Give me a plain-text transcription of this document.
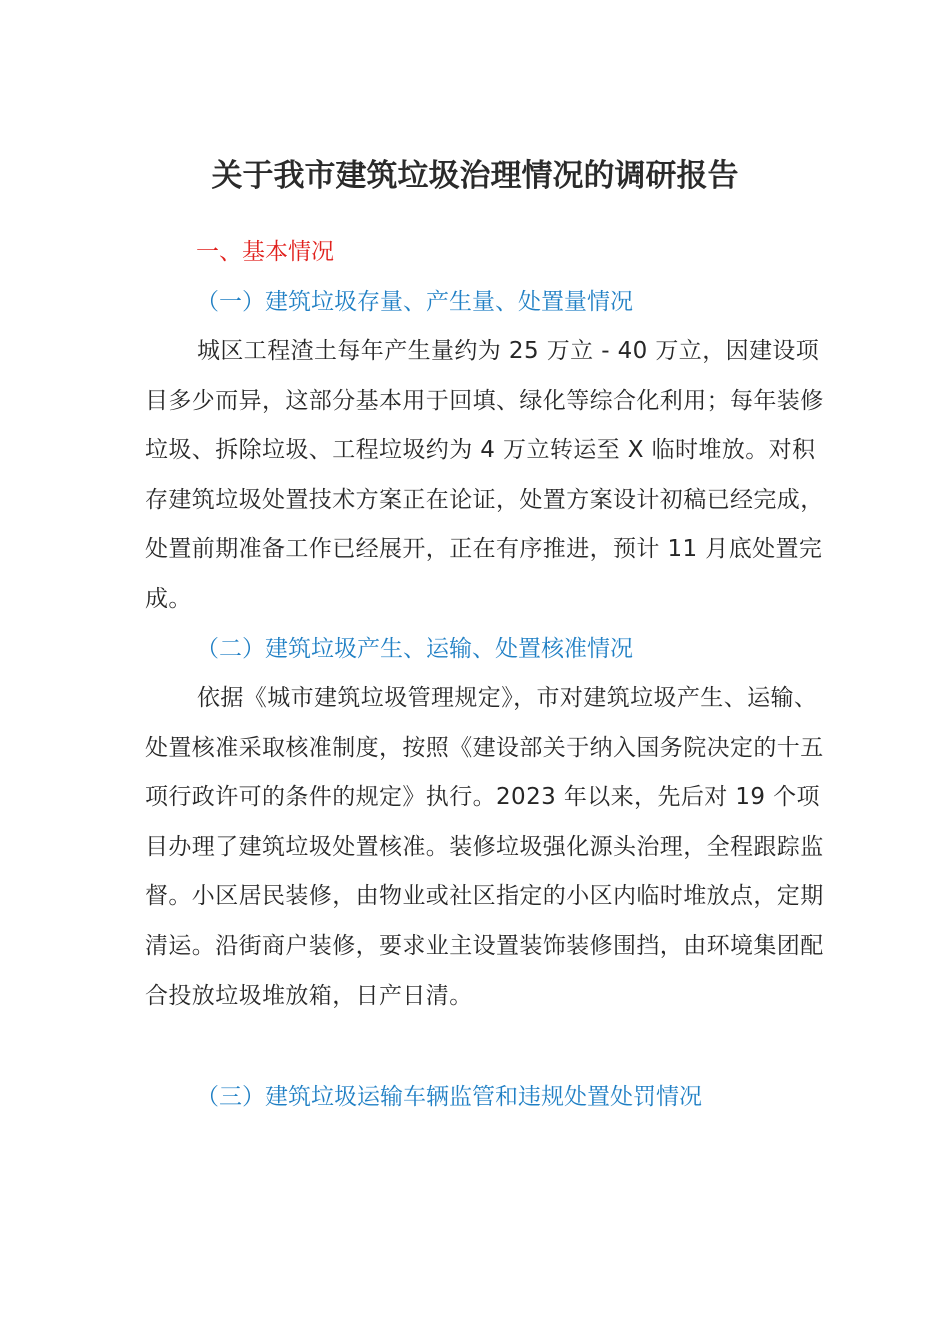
关于我市建筑垃圾治理情况的调研报告
一、基本情况
（一）建筑垃圾存量、产生量、处置量情况

城区工程渣土每年产生量约为 25 万立 - 40 万立，因建设项目多少而异，这部分基本用于回填、绿化等综合化利用；每年装修垃圾、拆除垃圾、工程垃圾约为 4 万立转运至 X 临时堆放。对积存建筑垃圾处置技术方案正在论证，处置方案设计初稿已经完成，处置前期准备工作已经展开，正在有序推进，预计 11 月底处置完成。

（二）建筑垃圾产生、运输、处置核准情况

依据《城市建筑垃圾管理规定》，市对建筑垃圾产生、运输、处置核准采取核准制度，按照《建设部关于纳入国务院决定的十五项行政许可的条件的规定》执行。2023 年以来，先后对 19 个项目办理了建筑垃圾处置核准。装修垃圾强化源头治理，全程跟踪监督。小区居民装修，由物业或社区指定的小区内临时堆放点，定期清运。沿街商户装修，要求业主设置装饰装修围挡，由环境集团配合投放垃圾堆放箱，日产日清。

（三）建筑垃圾运输车辆监管和违规处置处罚情况
